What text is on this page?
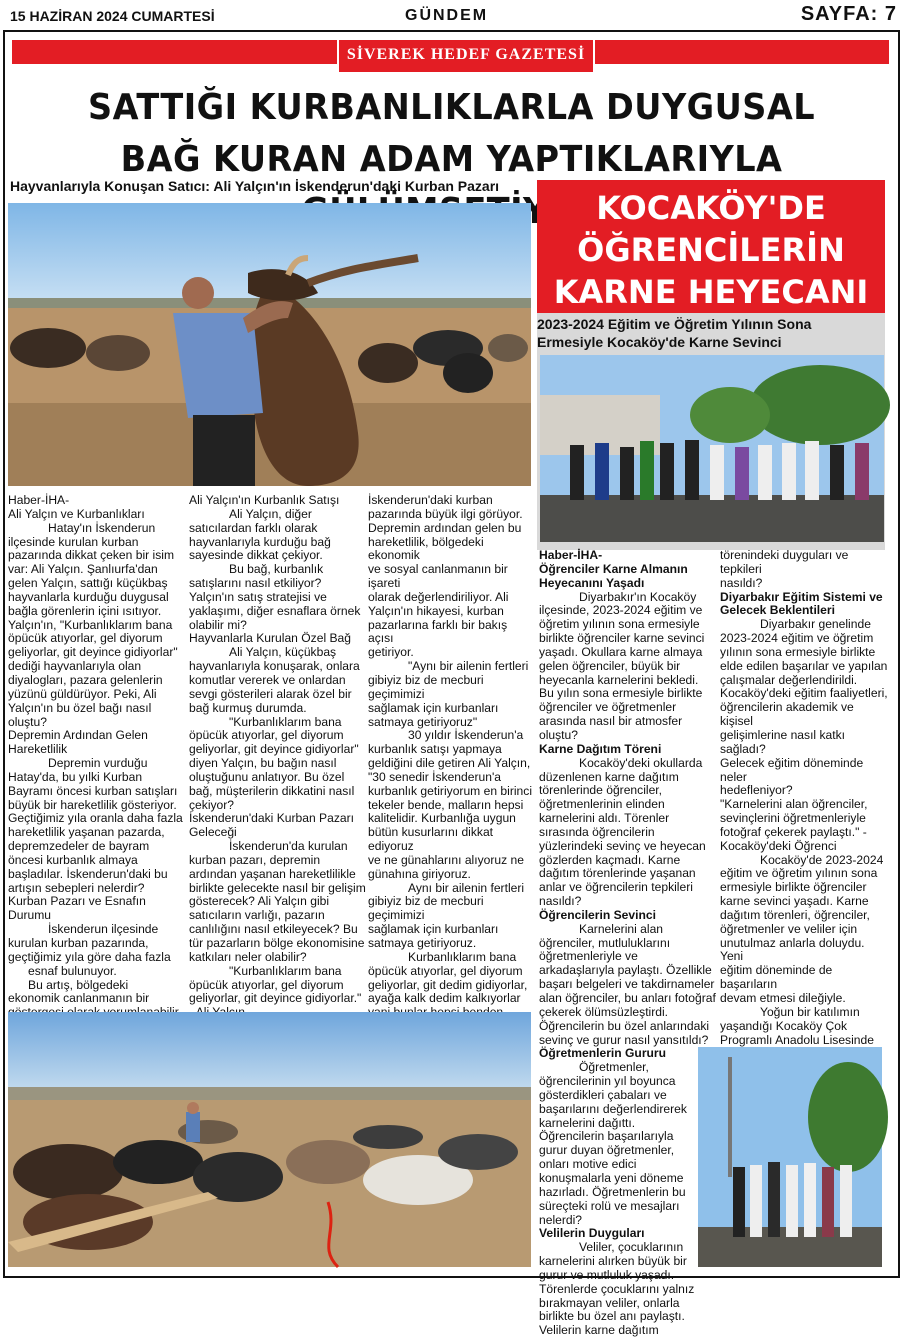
15 HAZİRAN 2024 CUMARTESİ	GÜNDEM	SAYFA: 7
SİVEREK HEDEF GAZETESİ
SATTIĞI KURBANLIKLARLA DUYGUSAL
BAĞ KURAN ADAM YAPTIKLARIYLA
Hayvanlarıyla Konuşan Satıcı: Ali Yalçın'ın İskenderun'daki Kurban Pazarı

Haber-İHA-

Ali Yalçın ve Kurbanlıkları

Hatay'ın İskenderun

ilçesinde kurulan kurban

pazarında dikkat çeken bir isim

var: Ali Yalçın. Şanlıurfa'dan

gelen Yalçın, sattığı küçükbaş

hayvanlarla kurduğu duygusal

bağla görenlerin içini ısıtıyor.

Yalçın'ın, "Kurbanlıklarım bana

öpücük atıyorlar, gel diyorum

geliyorlar, git deyince gidiyorlar"

dediği hayvanlarıyla olan

diyalogları, pazara gelenlerin

yüzünü güldürüyor. Peki, Ali

Yalçın'ın bu özel bağı nasıl

oluştu?

Depremin Ardından Gelen

Hareketlilik

Depremin vurduğu

Hatay'da, bu yılki Kurban

Bayramı öncesi kurban satışları

büyük bir hareketlilik gösteriyor.

Geçtiğimiz yıla oranla daha fazla

hareketlilik yaşanan pazarda,

depremzedeler de bayram

öncesi kurbanlık almaya

başladılar. İskenderun'daki bu

artışın sebepleri nelerdir?

Kurban Pazarı ve Esnafın

Durumu

İskenderun ilçesinde

kurulan kurban pazarında,

geçtiğimiz yıla göre daha fazla

esnaf bulunuyor.

Bu artış, bölgedeki

ekonomik canlanmanın bir

Ali Yalçın'ın Kurbanlık Satışı

Ali Yalçın, diğer

satıcılardan farklı olarak

hayvanlarıyla kurduğu bağ

sayesinde dikkat çekiyor.

Bu bağ, kurbanlık

satışlarını nasıl etkiliyor?

Yalçın'ın satış stratejisi ve

yaklaşımı, diğer esnaflara örnek

olabilir mi?

Hayvanlarla Kurulan Özel Bağ

Ali Yalçın, küçükbaş

hayvanlarıyla konuşarak, onlara

komutlar vererek ve onlardan

sevgi gösterileri alarak özel bir

bağ kurmuş durumda.

"Kurbanlıklarım bana

öpücük atıyorlar, gel diyorum

geliyorlar, git deyince gidiyorlar"

diyen Yalçın, bu bağın nasıl

oluştuğunu anlatıyor. Bu özel

bağ, müşterilerin dikkatini nasıl

çekiyor?

İskenderun'daki Kurban Pazarı

Geleceği

İskenderun'da kurulan

kurban pazarı, depremin

ardından yaşanan hareketlilikle

birlikte gelecekte nasıl bir gelişim

gösterecek? Ali Yalçın gibi

satıcıların varlığı, pazarın

canlılığını nasıl etkileyecek? Bu

tür pazarların bölge ekonomisine

katkıları neler olabilir?

"Kurbanlıklarım bana

öpücük atıyorlar, gel diyorum

geliyorlar, git deyince gidiyorlar."

İskenderun'daki kurban

pazarında büyük ilgi görüyor.

Depremin ardından gelen bu

hareketlilik, bölgedeki ekonomik

ve sosyal canlanmanın bir işareti

olarak değerlendiriliyor. Ali

Yalçın'ın hikayesi, kurban

pazarlarına farklı bir bakış açısı

getiriyor.

"Aynı bir ailenin fertleri

gibiyiz biz de mecburi geçimimizi

sağlamak için kurbanları

satmaya getiriyoruz"

30 yıldır İskenderun'a

kurbanlık satışı yapmaya

geldiğini dile getiren Ali Yalçın,

"30 senedir İskenderun'a

kurbanlık getiriyorum en birinci

tekeler bende, malların hepsi

kalitelidir. Kurbanlığa uygun

bütün kusurlarını dikkat ediyoruz

ve ne günahlarını alıyoruz ne

günahına giriyoruz.

Aynı bir ailenin fertleri

gibiyiz biz de mecburi geçimimizi

sağlamak için kurbanları

satmaya getiriyoruz.

Kurbanlıklarım bana

öpücük atıyorlar, gel diyorum

geliyorlar, git dedim gidiyorlar,

ayağa kalk dedim kalkıyorlar

KOCAKÖY'DE
ÖĞRENCİLERİN
KARNE HEYECANI
2023-2024 Eğitim ve Öğretim Yılının Sona
Ermesiyle Kocaköy'de Karne Sevinci

Haber-İHA-

Öğrenciler Karne Almanın

Heyecanını Yaşadı

Diyarbakır'ın Kocaköy

ilçesinde, 2023-2024 eğitim ve

öğretim yılının sona ermesiyle

birlikte öğrenciler karne sevinci

yaşadı. Okullara karne almaya

gelen öğrenciler, büyük bir

heyecanla karnelerini bekledi.

Bu yılın sona ermesiyle birlikte

öğrenciler ve öğretmenler

arasında nasıl bir atmosfer

oluştu?

Karne Dağıtım Töreni

Kocaköy'deki okullarda

düzenlenen karne dağıtım

törenlerinde öğrenciler,

öğretmenlerinin elinden

karnelerini aldı. Törenler

sırasında öğrencilerin

yüzlerindeki sevinç ve heyecan

gözlerden kaçmadı. Karne

dağıtım törenlerinde yaşanan

anlar ve öğrencilerin tepkileri

nasıldı?

Öğrencilerin Sevinci

Karnelerini alan

öğrenciler, mutluluklarını

öğretmenleriyle ve

arkadaşlarıyla paylaştı. Özellikle

başarı belgeleri ve takdirnameler

alan öğrenciler, bu anları fotoğraf

çekerek ölümsüzleştirdi.

Öğrencilerin bu özel anlarındaki

sevinç ve gurur nasıl yansıtıldı?

Öğretmenlerin Gururu

Öğretmenler,

öğrencilerinin yıl boyunca

gösterdikleri çabaları ve

başarılarını değerlendirerek

karnelerini dağıttı.

Öğrencilerin başarılarıyla

gurur duyan öğretmenler,

onları motive edici

konuşmalarla yeni döneme

hazırladı. Öğretmenlerin bu

süreçteki rolü ve mesajları

nelerdi?

Velilerin Duyguları

Veliler, çocuklarının

karnelerini alırken büyük bir

gurur ve mutluluk yaşadı.

Törenlerde çocuklarını yalnız

bırakmayan veliler, onlarla

birlikte bu özel anı paylaştı.

Velilerin karne dağıtım

törenindeki duyguları ve tepkileri

nasıldı?

Diyarbakır Eğitim Sistemi ve

Gelecek Beklentileri

Diyarbakır genelinde

2023-2024 eğitim ve öğretim

yılının sona ermesiyle birlikte

elde edilen başarılar ve yapılan

çalışmalar değerlendirildi.

Kocaköy'deki eğitim faaliyetleri,

öğrencilerin akademik ve kişisel

gelişimlerine nasıl katkı sağladı?

Gelecek eğitim döneminde neler

hedefleniyor?

"Karnelerini alan öğrenciler,

sevinçlerini öğretmenleriyle

fotoğraf çekerek paylaştı." -

Kocaköy'deki Öğrenci

Kocaköy'de 2023-2024

eğitim ve öğretim yılının sona

ermesiyle birlikte öğrenciler

karne sevinci yaşadı. Karne

dağıtım törenleri, öğrenciler,

öğretmenler ve veliler için

unutulmaz anlarla doluydu. Yeni

eğitim döneminde de başarıların

devam etmesi dileğiyle.

Yoğun bir katılımın

yaşandığı Kocaköy Çok

Programlı Anadolu Lisesinde
